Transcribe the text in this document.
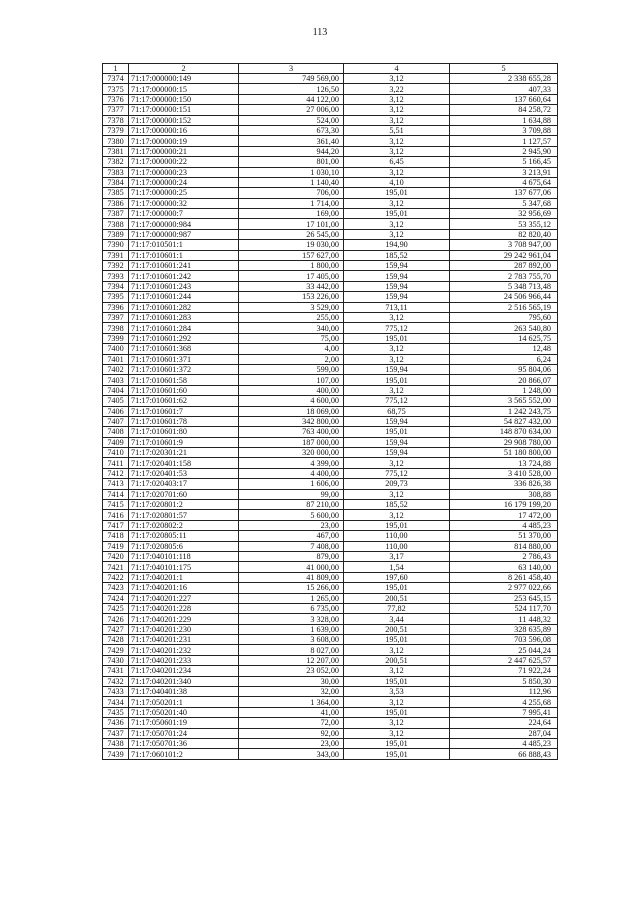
113
1	2	3	4	5
7374	71:17:000000:149	749 569,00	3,12	2 338 655,28
7375	71:17:000000:15	126,50	3,22	407,33
7376	71:17:000000:150	44 122,00	3,12	137 660,64
7377	71:17:000000:151	27 006,00	3,12	84 258,72
7378	71:17:000000:152	524,00	3,12	1 634,88
7379	71:17:000000:16	673,30	5,51	3 709,88
7380	71:17:000000:19	361,40	3,12	1 127,57
7381	71:17:000000:21	944,20	3,12	2 945,90
7382	71:17:000000:22	801,00	6,45	5 166,45
7383	71:17:000000:23	1 030,10	3,12	3 213,91
7384	71:17:000000:24	1 140,40	4,10	4 675,64
7385	71:17:000000:25	706,00	195,01	137 677,06
7386	71:17:000000:32	1 714,00	3,12	5 347,68
7387	71:17:000000:7	169,00	195,01	32 956,69
7388	71:17:000000:984	17 101,00	3,12	53 355,12
7389	71:17:000000:987	26 545,00	3,12	82 820,40
7390	71:17:010501:1	19 030,00	194,90	3 708 947,00
7391	71:17:010601:1	157 627,00	185,52	29 242 961,04
7392	71:17:010601:241	1 800,00	159,94	287 892,00
7393	71:17:010601:242	17 405,00	159,94	2 783 755,70
7394	71:17:010601:243	33 442,00	159,94	5 348 713,48
7395	71:17:010601:244	153 226,00	159,94	24 506 966,44
7396	71:17:010601:282	3 529,00	713,11	2 516 565,19
7397	71:17:010601:283	255,00	3,12	795,60
7398	71:17:010601:284	340,00	775,12	263 540,80
7399	71:17:010601:292	75,00	195,01	14 625,75
7400	71:17:010601:368	4,00	3,12	12,48
7401	71:17:010601:371	2,00	3,12	6,24
7402	71:17:010601:372	599,00	159,94	95 804,06
7403	71:17:010601:58	107,00	195,01	20 866,07
7404	71:17:010601:60	400,00	3,12	1 248,00
7405	71:17:010601:62	4 600,00	775,12	3 565 552,00
7406	71:17:010601:7	18 069,00	68,75	1 242 243,75
7407	71:17:010601:78	342 800,00	159,94	54 827 432,00
7408	71:17:010601:80	763 400,00	195,01	148 870 634,00
7409	71:17:010601:9	187 000,00	159,94	29 908 780,00
7410	71:17:020301:21	320 000,00	159,94	51 180 800,00
7411	71:17:020401:158	4 399,00	3,12	13 724,88
7412	71:17:020401:53	4 400,00	775,12	3 410 528,00
7413	71:17:020403:17	1 606,00	209,73	336 826,38
7414	71:17:020701:60	99,00	3,12	308,88
7415	71:17:020801:2	87 210,00	185,52	16 179 199,20
7416	71:17:020801:57	5 600,00	3,12	17 472,00
7417	71:17:020802:2	23,00	195,01	4 485,23
7418	71:17:020805:11	467,00	110,00	51 370,00
7419	71:17:020805:6	7 408,00	110,00	814 880,00
7420	71:17:040101:118	879,00	3,17	2 786,43
7421	71:17:040101:175	41 000,00	1,54	63 140,00
7422	71:17:040201:1	41 809,00	197,60	8 261 458,40
7423	71:17:040201:16	15 266,00	195,01	2 977 022,66
7424	71:17:040201:227	1 265,00	200,51	253 645,15
7425	71:17:040201:228	6 735,00	77,82	524 117,70
7426	71:17:040201:229	3 328,00	3,44	11 448,32
7427	71:17:040201:230	1 639,00	200,51	328 635,89
7428	71:17:040201:231	3 608,00	195,01	703 596,08
7429	71:17:040201:232	8 027,00	3,12	25 044,24
7430	71:17:040201:233	12 207,00	200,51	2 447 625,57
7431	71:17:040201:234	23 052,00	3,12	71 922,24
7432	71:17:040201:340	30,00	195,01	5 850,30
7433	71:17:040401:38	32,00	3,53	112,96
7434	71:17:050201:1	1 364,00	3,12	4 255,68
7435	71:17:050201:40	41,00	195,01	7 995,41
7436	71:17:050601:19	72,00	3,12	224,64
7437	71:17:050701:24	92,00	3,12	287,04
7438	71:17:050701:36	23,00	195,01	4 485,23
7439	71:17:060101:2	343,00	195,01	66 888,43
